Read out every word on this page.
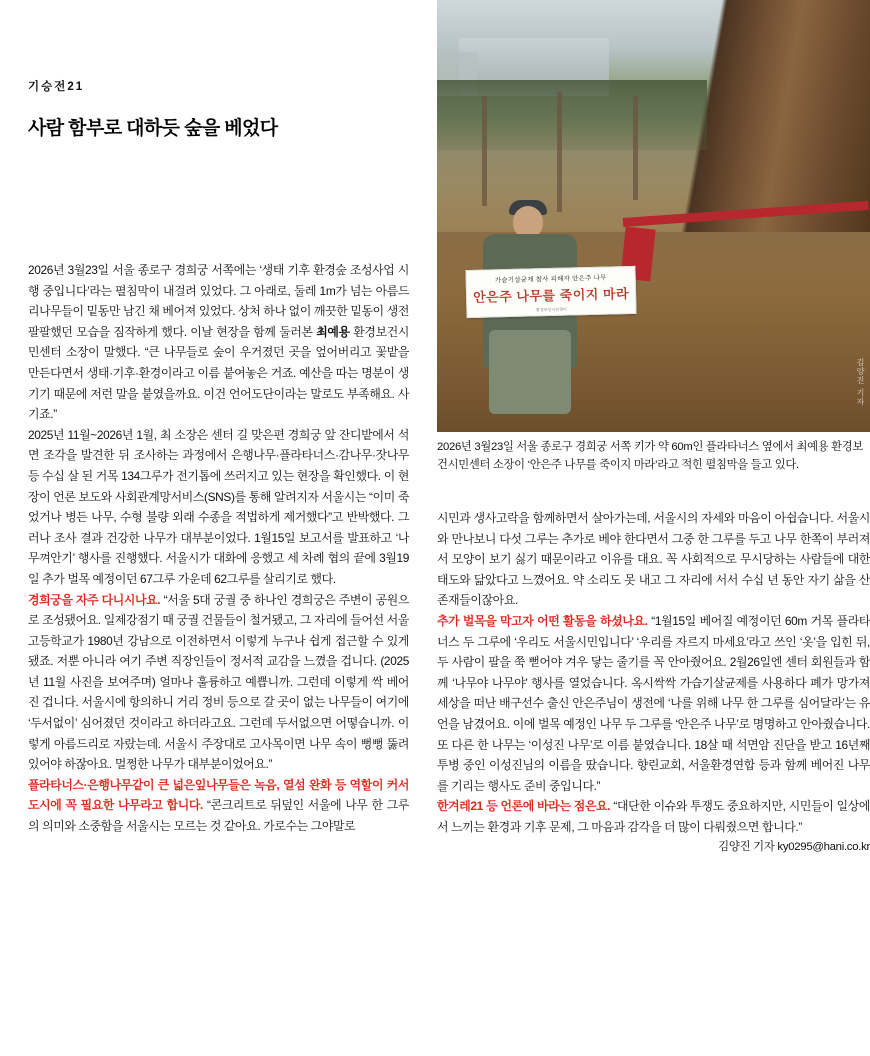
가슴기살균제 참사 피해자 안은주 나무
안은주 나무를 죽이지 마라
환경보건시민센터
김양진 기자
2026년 3월23일 서울 종로구 경희궁 서쪽 키가 약 60m인 플라타너스 옆에서 최예용 환경보건시민센터 소장이 ‘안은주 나무를 죽이지 마라’라고 적힌 펼침막을 들고 있다.
기승전21
사람 함부로 대하듯 숲을 베었다

2026년 3월23일 서울 종로구 경희궁 서쪽에는 ‘생태 기후 환경숲 조성사업 시행 중입니다’라는 펼침막이 내걸려 있었다. 그 아래로, 둘레 1m가 넘는 아름드리나무들이 밑동만 남긴 채 베어져 있었다. 상처 하나 없이 깨끗한 밑동이 생전 팔팔했던 모습을 짐작하게 했다. 이날 현장을 함께 둘러본 최예용 환경보건시민센터 소장이 말했다. “큰 나무들로 숲이 우거졌던 곳을 엎어버리고 꽃밭을 만든다면서 생태·기후·환경이라고 이름 붙여놓은 거죠. 예산을 따는 명분이 생기기 때문에 저런 말을 붙였을까요. 이건 언어도단이라는 말로도 부족해요. 사기죠.”

2025년 11월~2026년 1월, 최 소장은 센터 길 맞은편 경희궁 앞 잔디밭에서 석면 조각을 발견한 뒤 조사하는 과정에서 은행나무·플라타너스·감나무·잣나무 등 수십 살 된 거목 134그루가 전기톱에 쓰러지고 있는 현장을 확인했다. 이 현장이 언론 보도와 사회관계망서비스(SNS)를 통해 알려지자 서울시는 “이미 죽었거나 병든 나무, 수형 불량 외래 수종을 적법하게 제거했다”고 반박했다. 그러나 조사 결과 건강한 나무가 대부분이었다. 1월15일 보고서를 발표하고 ‘나무껴안기’ 행사를 진행했다. 서울시가 대화에 응했고 세 차례 협의 끝에 3월19일 추가 벌목 예정이던 67그루 가운데 62그루를 살리기로 했다.

경희궁을 자주 다니시나요. “서울 5대 궁궐 중 하나인 경희궁은 주변이 공원으로 조성됐어요. 일제강점기 때 궁궐 건물들이 철거됐고, 그 자리에 들어선 서울고등학교가 1980년 강남으로 이전하면서 이렇게 누구나 쉽게 접근할 수 있게 됐죠. 저뿐 아니라 여기 주변 직장인들이 정서적 교감을 느꼈을 겁니다. (2025년 11월 사진을 보여주며) 얼마나 훌륭하고 예쁩니까. 그런데 이렇게 싹 베어진 겁니다. 서울시에 항의하니 거리 정비 등으로 갈 곳이 없는 나무들이 여기에 ‘두서없이’ 심어졌던 것이라고 하더라고요. 그런데 두서없으면 어떻습니까. 이렇게 아름드리로 자랐는데. 서울시 주장대로 고사목이면 나무 속이 뻥뻥 뚫려 있어야 하잖아요. 멀쩡한 나무가 대부분이었어요.”

플라타너스·은행나무같이 큰 넓은잎나무들은 녹음, 열섬 완화 등 역할이 커서 도시에 꼭 필요한 나무라고 합니다. “콘크리트로 뒤덮인 서울에 나무 한 그루의 의미와 소중함을 서울시는 모르는 것 같아요. 가로수는 그야말로

시민과 생사고락을 함께하면서 살아가는데, 서울시의 자세와 마음이 아쉽습니다. 서울시와 만나보니 다섯 그루는 추가로 베야 한다면서 그중 한 그루를 두고 나무 한쪽이 부러져서 모양이 보기 싫기 때문이라고 이유를 대요. 꼭 사회적으로 무시당하는 사람들에 대한 태도와 닮았다고 느꼈어요. 약 소리도 못 내고 그 자리에 서서 수십 년 동안 자기 삶을 산 존재들이잖아요.

추가 벌목을 막고자 어떤 활동을 하셨나요. “1월15일 베어질 예정이던 60m 거목 플라타너스 두 그루에 ‘우리도 서울시민입니다’ ‘우리를 자르지 마세요’라고 쓰인 ‘옷’을 입힌 뒤, 두 사람이 팔을 쭉 뻗어야 겨우 닿는 줄기를 꼭 안아줬어요. 2월26일엔 센터 회원들과 함께 ‘나무야 나무야’ 행사를 열었습니다. 옥시싹싹 가습기살균제를 사용하다 폐가 망가져 세상을 떠난 배구선수 출신 안은주님이 생전에 ‘나를 위해 나무 한 그루를 심어달라’는 유언을 남겼어요. 이에 벌목 예정인 나무 두 그루를 ‘안은주 나무’로 명명하고 안아줬습니다. 또 다른 한 나무는 ‘이성진 나무’로 이름 붙였습니다. 18살 때 석면암 진단을 받고 16년째 투병 중인 이성진님의 이름을 땄습니다. 향린교회, 서울환경연합 등과 함께 베어진 나무를 기리는 행사도 준비 중입니다.”

한겨레21 등 언론에 바라는 점은요. “대단한 이슈와 투쟁도 중요하지만, 시민들이 일상에서 느끼는 환경과 기후 문제, 그 마음과 감각을 더 많이 다뤄줬으면 합니다.”

김양진 기자 ky0295@hani.co.kr
